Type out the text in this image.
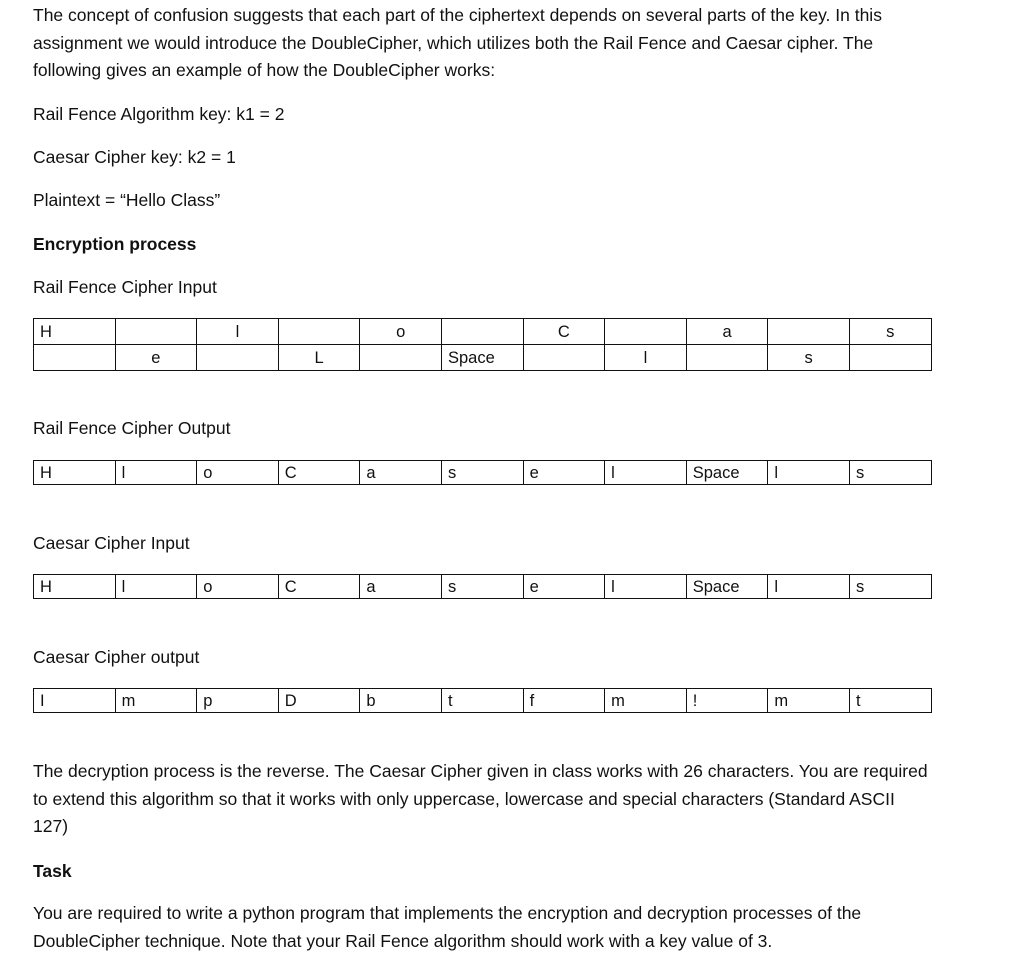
The concept of confusion suggests that each part of the ciphertext depends on several parts of the key. In this assignment we would introduce the DoubleCipher, which utilizes both the Rail Fence and Caesar cipher. The following gives an example of how the DoubleCipher works:

Rail Fence Algorithm key: k1 = 2
Caesar Cipher key: k2 = 1
Plaintext = “Hello Class”
Encryption process
Rail Fence Cipher Input
H		l		o		C		a		s
	e		L		Space		l		s	
Rail Fence Cipher Output
H	l	o	C	a	s	e	l	Space	l	s
Caesar Cipher Input
H	l	o	C	a	s	e	l	Space	l	s
Caesar Cipher output
I	m	p	D	b	t	f	m	!	m	t

The decryption process is the reverse. The Caesar Cipher given in class works with 26 characters. You are required to extend this algorithm so that it works with only uppercase, lowercase and special characters (Standard ASCII 127)

Task

You are required to write a python program that implements the encryption and decryption processes of the DoubleCipher technique. Note that your Rail Fence algorithm should work with a key value of 3.
